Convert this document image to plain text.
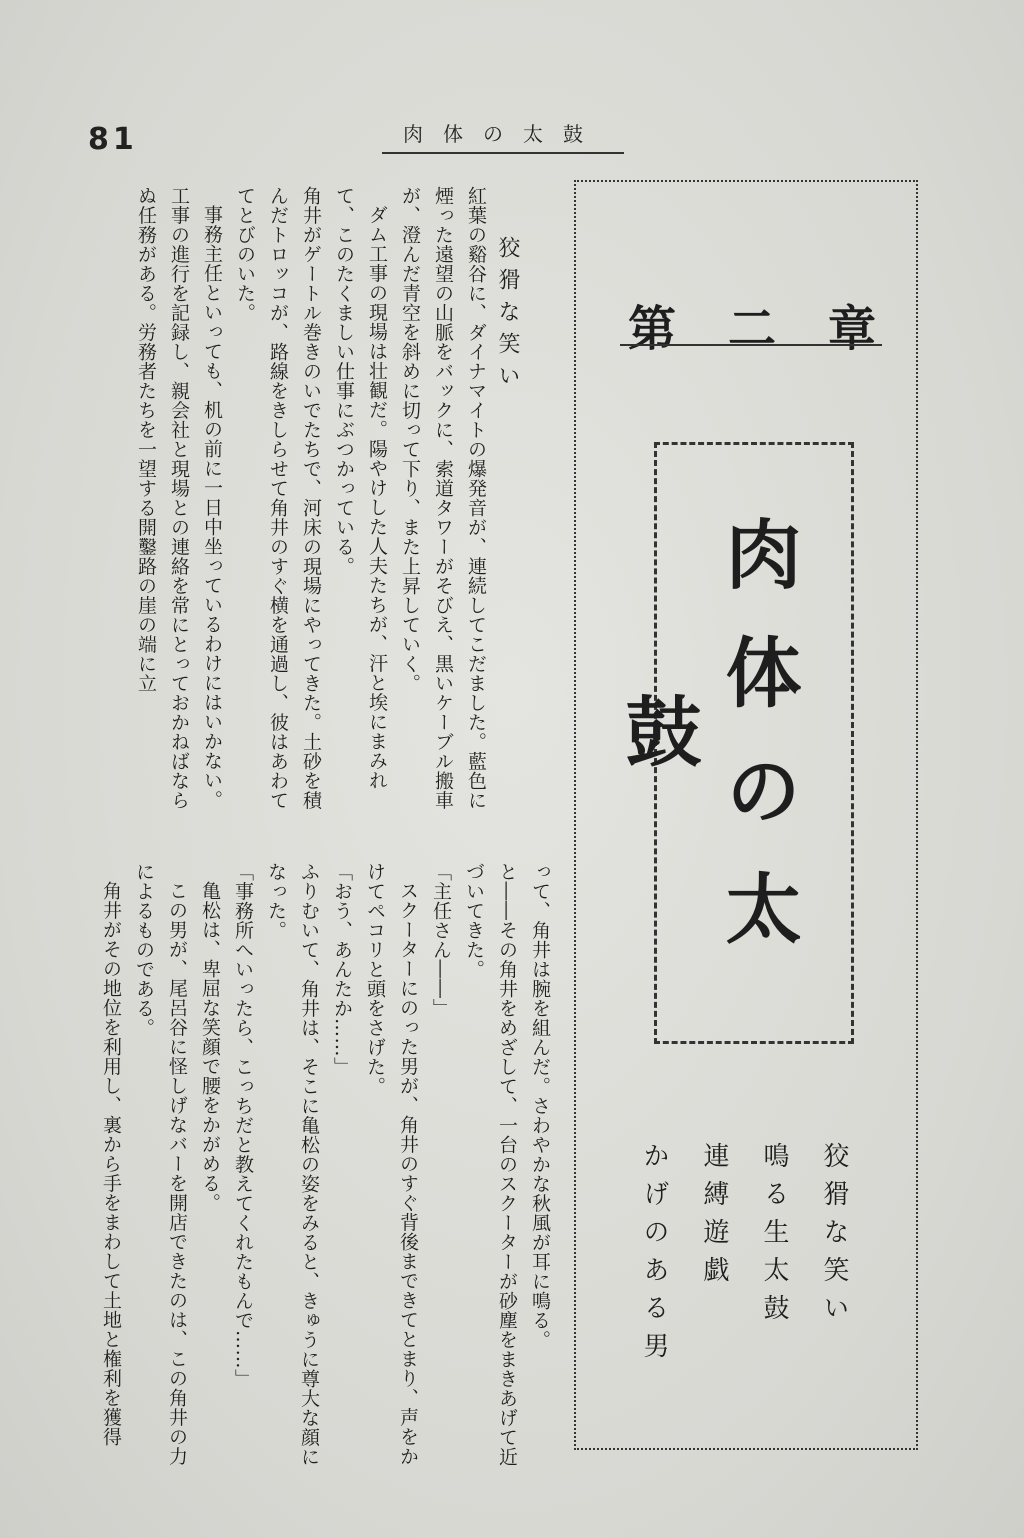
81	肉体の太鼓
狡猾な笑い

紅葉の谿谷に、ダイナマイトの爆発音が、連続してこだました。藍色に煙った遠望の山脈をバックに、索道タワーがそびえ、黒いケーブル搬車が、澄んだ青空を斜めに切って下り、また上昇していく。

ダム工事の現場は壮観だ。陽やけした人夫たちが、汗と埃にまみれて、このたくましい仕事にぶつかっている。

角井がゲートル巻きのいでたちで、河床の現場にやってきた。土砂を積んだトロッコが、路線をきしらせて角井のすぐ横を通過し、彼はあわててとびのいた。

事務主任といっても、机の前に一日中坐っているわけにはいかない。工事の進行を記録し、親会社と現場との連絡を常にとっておかねばならぬ任務がある。労務者たちを一望する開鑿路の崖の端に立

って、角井は腕を組んだ。さわやかな秋風が耳に鳴る。

と――その角井をめざして、一台のスクーターが砂塵をまきあげて近づいてきた。

「主任さん――」

スクーターにのった男が、角井のすぐ背後まできてとまり、声をかけてペコリと頭をさげた。

「おう、あんたか……」

ふりむいて、角井は、そこに亀松の姿をみると、きゅうに尊大な顔になった。

「事務所へいったら、こっちだと教えてくれたもんで……」

亀松は、卑屈な笑顔で腰をかがめる。

この男が、尾呂谷に怪しげなバーを開店できたのは、この角井の力によるものである。

角井がその地位を利用し、裏から手をまわして土地と権利を獲得

第二章
肉体の太鼓
狡猾な笑い
鳴る生太鼓
連縛遊戯
かげのある男
